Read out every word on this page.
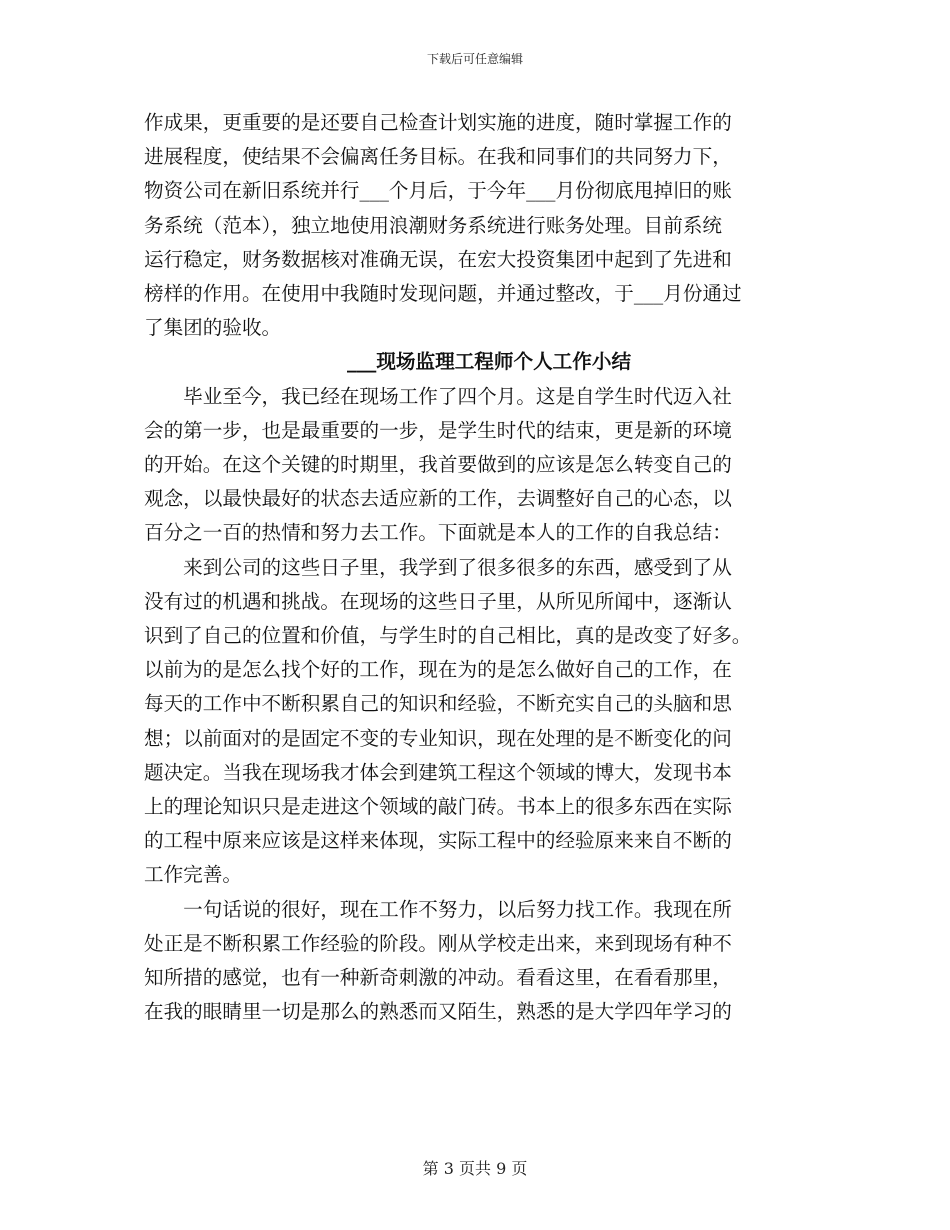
下载后可任意编辑
作成果，更重要的是还要自己检查计划实施的进度，随时掌握工作的
进展程度，使结果不会偏离任务目标。在我和同事们的共同努力下，
物资公司在新旧系统并行___个月后，于今年___月份彻底甩掉旧的账
务系统（范本），独立地使用浪潮财务系统进行账务处理。目前系统
运行稳定，财务数据核对准确无误，在宏大投资集团中起到了先进和
榜样的作用。在使用中我随时发现问题，并通过整改，于___月份通过
了集团的验收。
___现场监理工程师个人工作小结
　　毕业至今，我已经在现场工作了四个月。这是自学生时代迈入社
会的第一步，也是最重要的一步，是学生时代的结束，更是新的环境
的开始。在这个关键的时期里，我首要做到的应该是怎么转变自己的
观念，以最快最好的状态去适应新的工作，去调整好自己的心态，以
百分之一百的热情和努力去工作。下面就是本人的工作的自我总结：
　　来到公司的这些日子里，我学到了很多很多的东西，感受到了从
没有过的机遇和挑战。在现场的这些日子里，从所见所闻中，逐渐认
识到了自己的位置和价值，与学生时的自己相比，真的是改变了好多。
以前为的是怎么找个好的工作，现在为的是怎么做好自己的工作，在
每天的工作中不断积累自己的知识和经验，不断充实自己的头脑和思
想；以前面对的是固定不变的专业知识，现在处理的是不断变化的问
题决定。当我在现场我才体会到建筑工程这个领域的博大，发现书本
上的理论知识只是走进这个领域的敲门砖。书本上的很多东西在实际
的工程中原来应该是这样来体现，实际工程中的经验原来来自不断的
工作完善。
　　一句话说的很好，现在工作不努力，以后努力找工作。我现在所
处正是不断积累工作经验的阶段。刚从学校走出来，来到现场有种不
知所措的感觉，也有一种新奇刺激的冲动。看看这里，在看看那里，
在我的眼睛里一切是那么的熟悉而又陌生，熟悉的是大学四年学习的
第 3 页共 9 页
